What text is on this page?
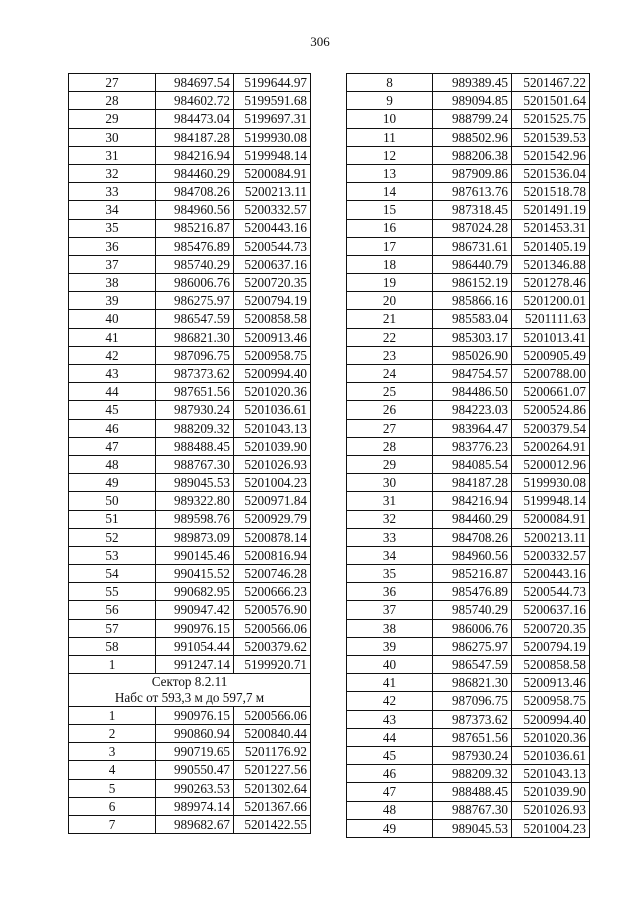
306
27	984697.54	5199644.97
28	984602.72	5199591.68
29	984473.04	5199697.31
30	984187.28	5199930.08
31	984216.94	5199948.14
32	984460.29	5200084.91
33	984708.26	5200213.11
34	984960.56	5200332.57
35	985216.87	5200443.16
36	985476.89	5200544.73
37	985740.29	5200637.16
38	986006.76	5200720.35
39	986275.97	5200794.19
40	986547.59	5200858.58
41	986821.30	5200913.46
42	987096.75	5200958.75
43	987373.62	5200994.40
44	987651.56	5201020.36
45	987930.24	5201036.61
46	988209.32	5201043.13
47	988488.45	5201039.90
48	988767.30	5201026.93
49	989045.53	5201004.23
50	989322.80	5200971.84
51	989598.76	5200929.79
52	989873.09	5200878.14
53	990145.46	5200816.94
54	990415.52	5200746.28
55	990682.95	5200666.23
56	990947.42	5200576.90
57	990976.15	5200566.06
58	991054.44	5200379.62
1	991247.14	5199920.71

Сектор 8.2.11
Набс от 593,3 м до 597,7 м		

1	990976.15	5200566.06
2	990860.94	5200840.44
3	990719.65	5201176.92
4	990550.47	5201227.56
5	990263.53	5201302.64
6	989974.14	5201367.66
7	989682.67	5201422.55
8	989389.45	5201467.22
9	989094.85	5201501.64
10	988799.24	5201525.75
11	988502.96	5201539.53
12	988206.38	5201542.96
13	987909.86	5201536.04
14	987613.76	5201518.78
15	987318.45	5201491.19
16	987024.28	5201453.31
17	986731.61	5201405.19
18	986440.79	5201346.88
19	986152.19	5201278.46
20	985866.16	5201200.01
21	985583.04	5201111.63
22	985303.17	5201013.41
23	985026.90	5200905.49
24	984754.57	5200788.00
25	984486.50	5200661.07
26	984223.03	5200524.86
27	983964.47	5200379.54
28	983776.23	5200264.91
29	984085.54	5200012.96
30	984187.28	5199930.08
31	984216.94	5199948.14
32	984460.29	5200084.91
33	984708.26	5200213.11
34	984960.56	5200332.57
35	985216.87	5200443.16
36	985476.89	5200544.73
37	985740.29	5200637.16
38	986006.76	5200720.35
39	986275.97	5200794.19
40	986547.59	5200858.58
41	986821.30	5200913.46
42	987096.75	5200958.75
43	987373.62	5200994.40
44	987651.56	5201020.36
45	987930.24	5201036.61
46	988209.32	5201043.13
47	988488.45	5201039.90
48	988767.30	5201026.93
49	989045.53	5201004.23
